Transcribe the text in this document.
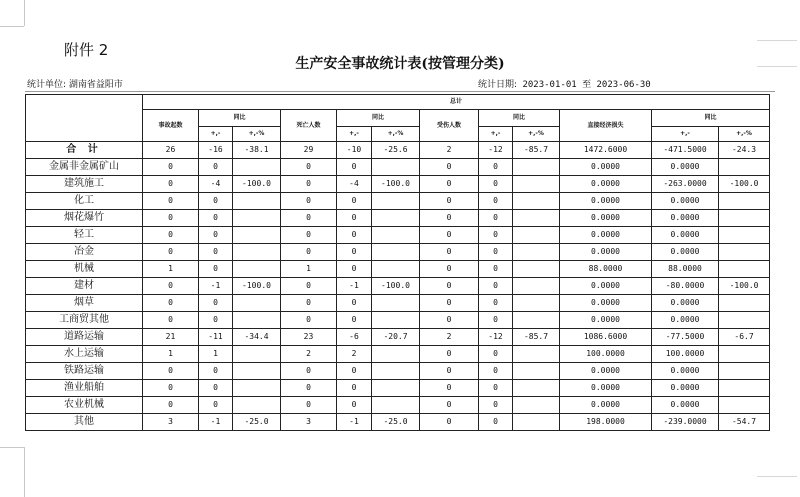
附件 2
生产安全事故统计表(按管理分类)
统计单位: 湖南省益阳市	统计日期: 2023-01-01 至 2023-06-30
	总计											
	事故起数	同比		死亡人数	同比		受伤人数	同比		直接经济损失	同比	
		+,-	+,-%		+,-	+,-%		+,-	+,-%		+,-	+,-%
合 计	26	-16	-38.1	29	-10	-25.6	2	-12	-85.7	1472.6000	-471.5000	-24.3
金属非金属矿山	0	0		0	0		0	0		0.0000	0.0000	
建筑施工	0	-4	-100.0	0	-4	-100.0	0	0		0.0000	-263.0000	-100.0
化工	0	0		0	0		0	0		0.0000	0.0000	
烟花爆竹	0	0		0	0		0	0		0.0000	0.0000	
轻工	0	0		0	0		0	0		0.0000	0.0000	
冶金	0	0		0	0		0	0		0.0000	0.0000	
机械	1	0		1	0		0	0		88.0000	88.0000	
建材	0	-1	-100.0	0	-1	-100.0	0	0		0.0000	-80.0000	-100.0
烟草	0	0		0	0		0	0		0.0000	0.0000	
工商贸其他	0	0		0	0		0	0		0.0000	0.0000	
道路运输	21	-11	-34.4	23	-6	-20.7	2	-12	-85.7	1086.6000	-77.5000	-6.7
水上运输	1	1		2	2		0	0		100.0000	100.0000	
铁路运输	0	0		0	0		0	0		0.0000	0.0000	
渔业船舶	0	0		0	0		0	0		0.0000	0.0000	
农业机械	0	0		0	0		0	0		0.0000	0.0000	
其他	3	-1	-25.0	3	-1	-25.0	0	0		198.0000	-239.0000	-54.7
